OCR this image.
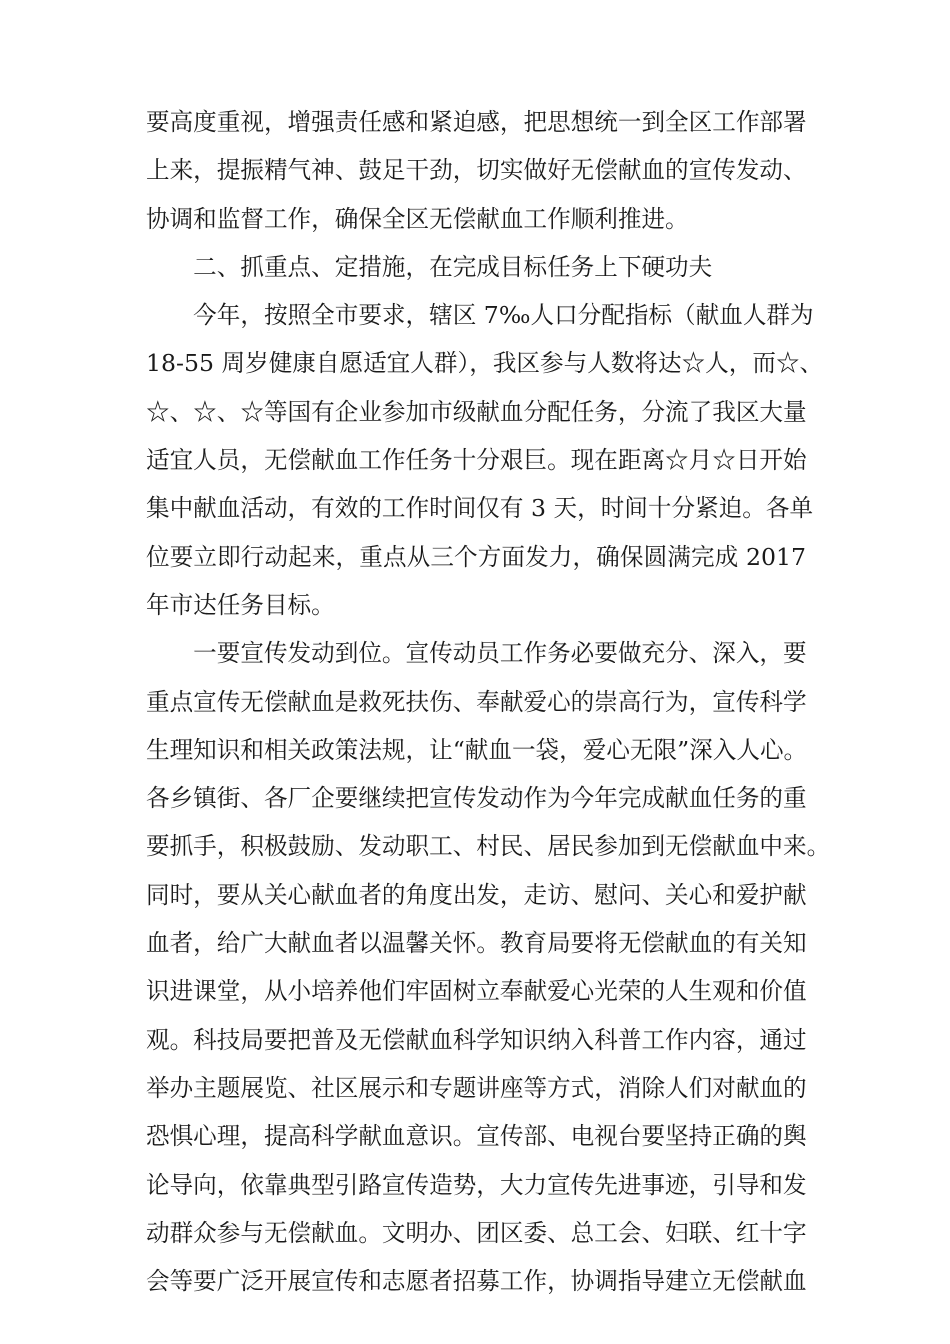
要高度重视，增强责任感和紧迫感，把思想统一到全区工作部署
上来，提振精气神、鼓足干劲，切实做好无偿献血的宣传发动、
协调和监督工作，确保全区无偿献血工作顺利推进。
　　二、抓重点、定措施，在完成目标任务上下硬功夫
　　今年，按照全市要求，辖区 7‰人口分配指标（献血人群为
18-55 周岁健康自愿适宜人群），我区参与人数将达☆人，而☆、
☆、☆、☆等国有企业参加市级献血分配任务，分流了我区大量
适宜人员，无偿献血工作任务十分艰巨。现在距离☆月☆日开始
集中献血活动，有效的工作时间仅有 3 天，时间十分紧迫。各单
位要立即行动起来，重点从三个方面发力，确保圆满完成 2017
年市达任务目标。
　　一要宣传发动到位。宣传动员工作务必要做充分、深入，要
重点宣传无偿献血是救死扶伤、奉献爱心的崇高行为，宣传科学
生理知识和相关政策法规，让“献血一袋，爱心无限”深入人心。
各乡镇街、各厂企要继续把宣传发动作为今年完成献血任务的重
要抓手，积极鼓励、发动职工、村民、居民参加到无偿献血中来。
同时，要从关心献血者的角度出发，走访、慰问、关心和爱护献
血者，给广大献血者以温馨关怀。教育局要将无偿献血的有关知
识进课堂，从小培养他们牢固树立奉献爱心光荣的人生观和价值
观。科技局要把普及无偿献血科学知识纳入科普工作内容，通过
举办主题展览、社区展示和专题讲座等方式，消除人们对献血的
恐惧心理，提高科学献血意识。宣传部、电视台要坚持正确的舆
论导向，依靠典型引路宣传造势，大力宣传先进事迹，引导和发
动群众参与无偿献血。文明办、团区委、总工会、妇联、红十字
会等要广泛开展宣传和志愿者招募工作，协调指导建立无偿献血
